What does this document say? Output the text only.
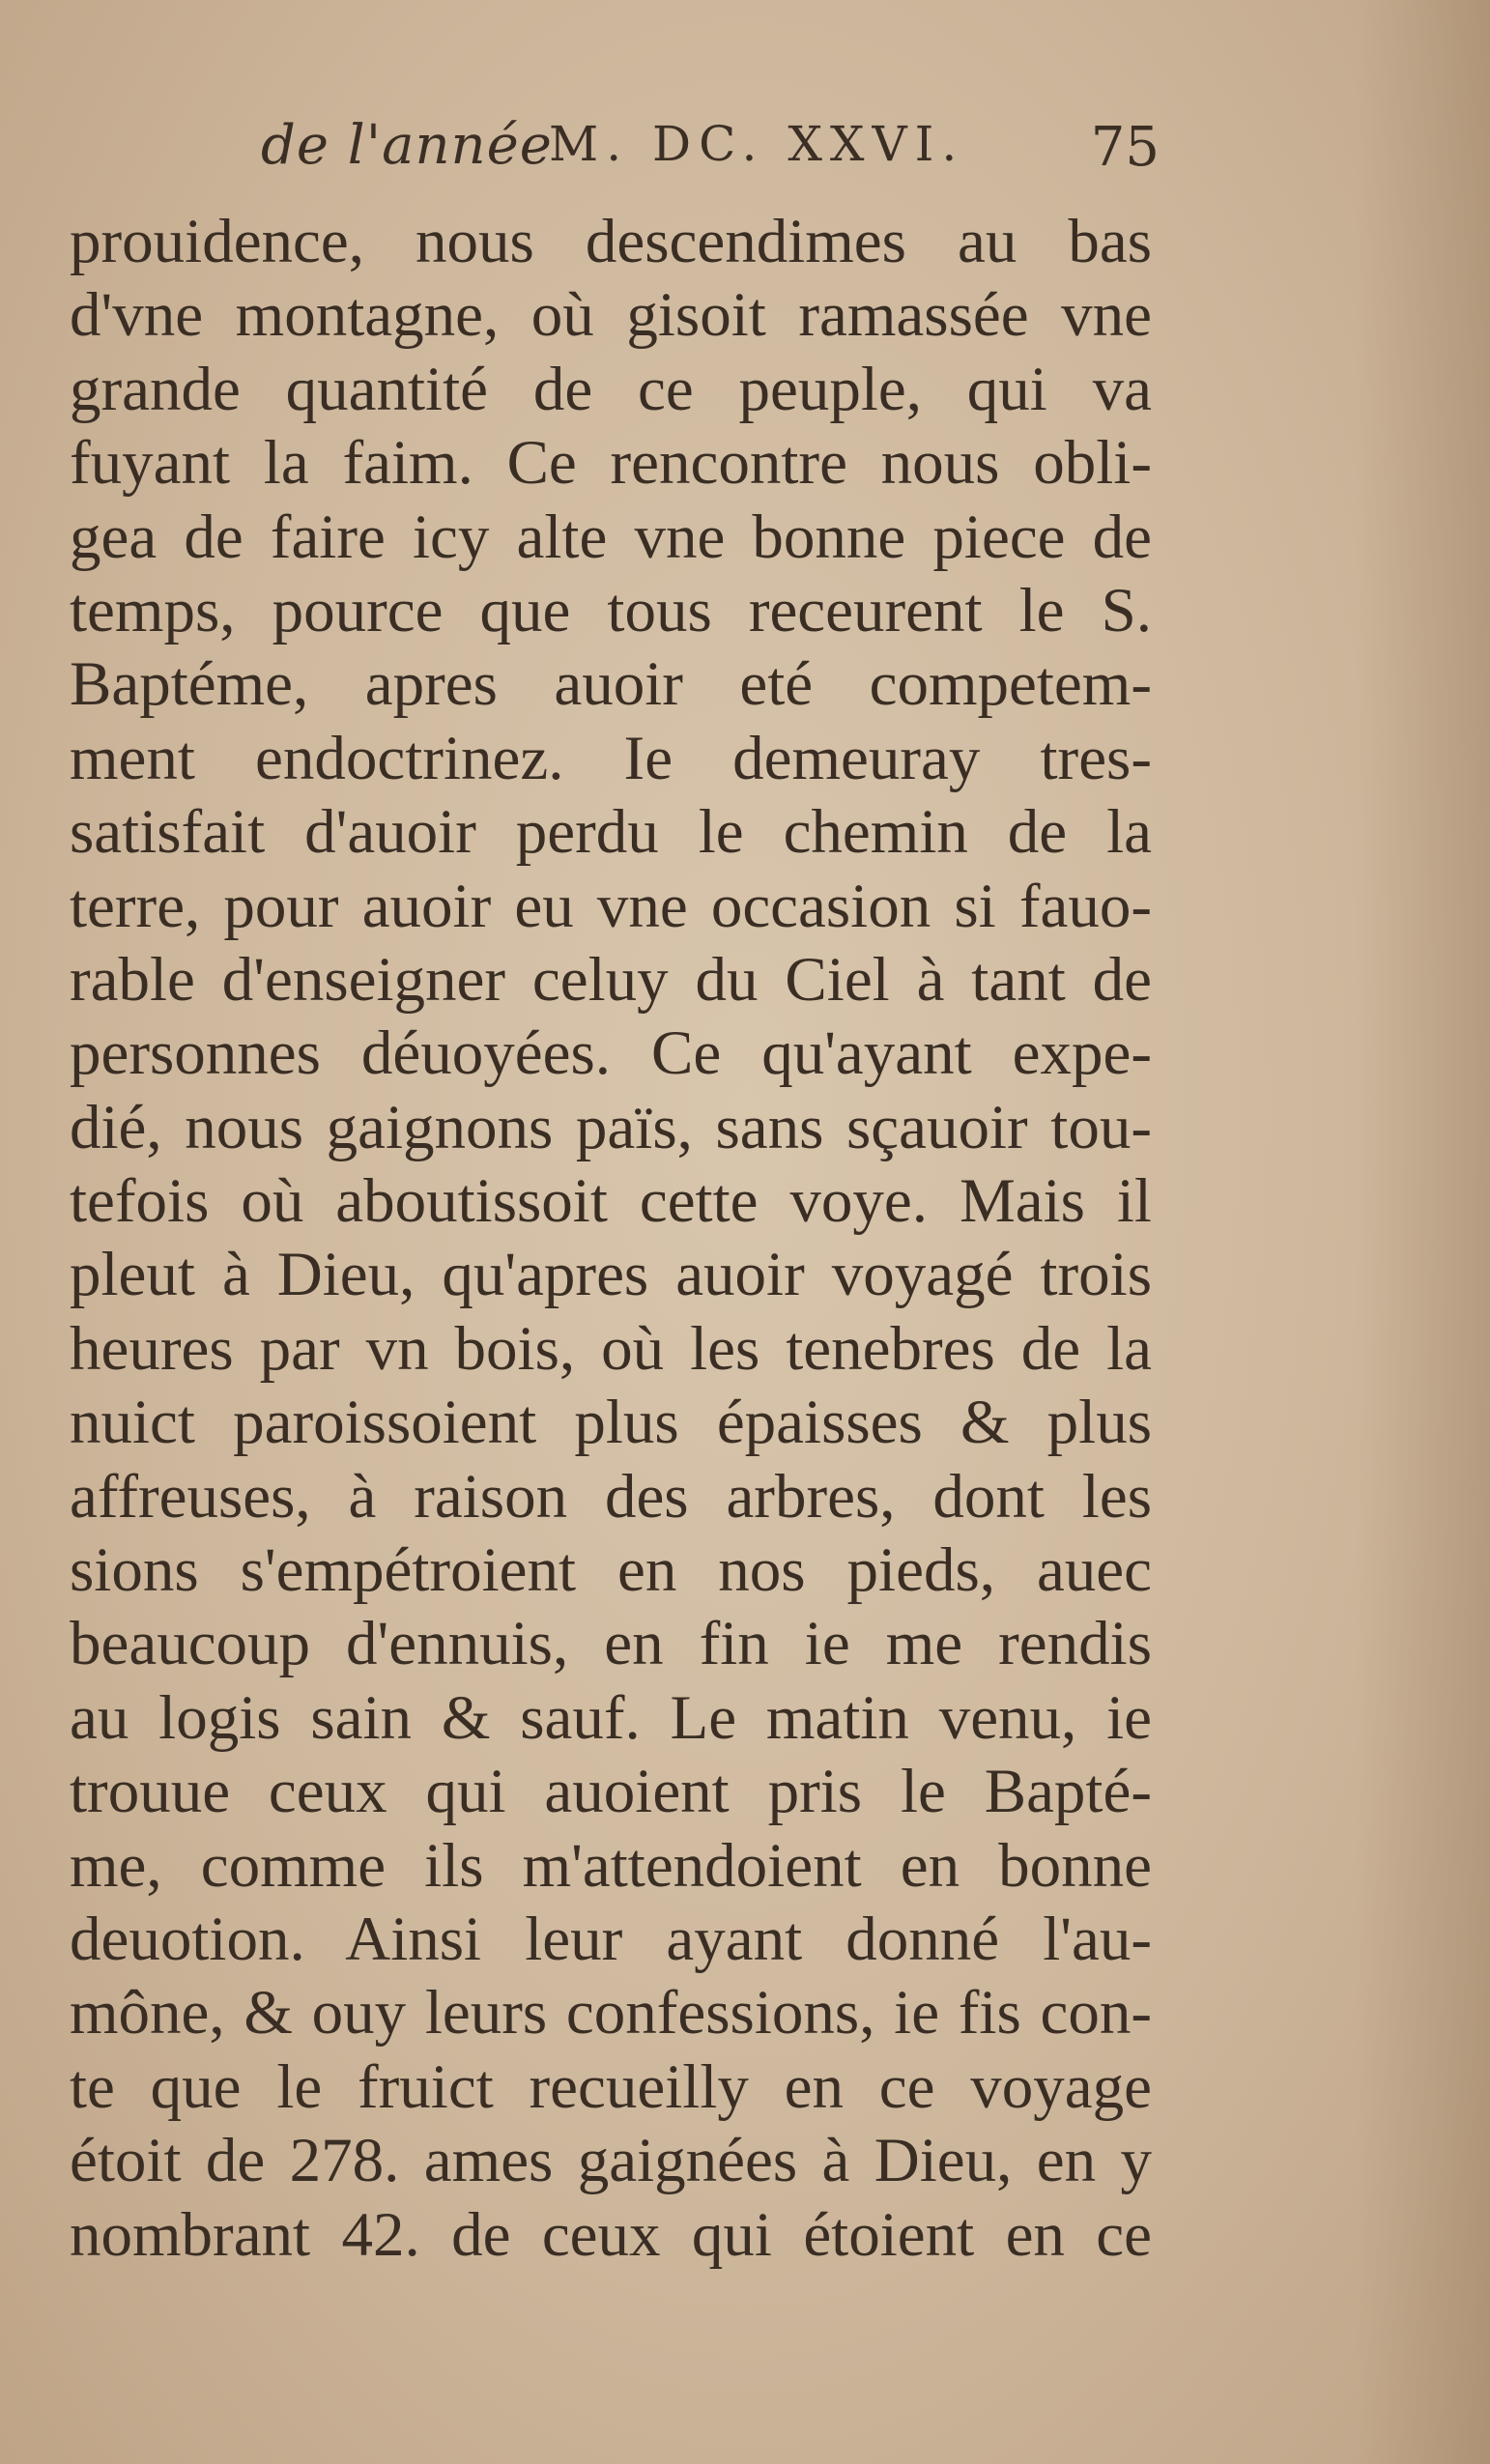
de l'année
M. DC. XXVI. 75
prouidence, nous descendimes au bas
d'vne montagne, où gisoit ramassée vne
grande quantité de ce peuple, qui va
fuyant la faim. Ce rencontre nous obli-
gea de faire icy alte vne bonne piece de
temps, pource que tous receurent le S.
Baptéme, apres auoir eté competem-
ment endoctrinez. Ie demeuray tres-
satisfait d'auoir perdu le chemin de la
terre, pour auoir eu vne occasion si fauo-
rable d'enseigner celuy du Ciel à tant de
personnes déuoyées. Ce qu'ayant expe-
dié, nous gaignons païs, sans sçauoir tou-
tefois où aboutissoit cette voye. Mais il
pleut à Dieu, qu'apres auoir voyagé trois
heures par vn bois, où les tenebres de la
nuict paroissoient plus épaisses & plus
affreuses, à raison des arbres, dont les
sions s'empétroient en nos pieds, auec
beaucoup d'ennuis, en fin ie me rendis
au logis sain & sauf. Le matin venu, ie
trouue ceux qui auoient pris le Bapté-
me, comme ils m'attendoient en bonne
deuotion. Ainsi leur ayant donné l'au-
mône, & ouy leurs confessions, ie fis con-
te que le fruict recueilly en ce voyage
étoit de 278. ames gaignées à Dieu, en y
nombrant 42. de ceux qui étoient en ce
